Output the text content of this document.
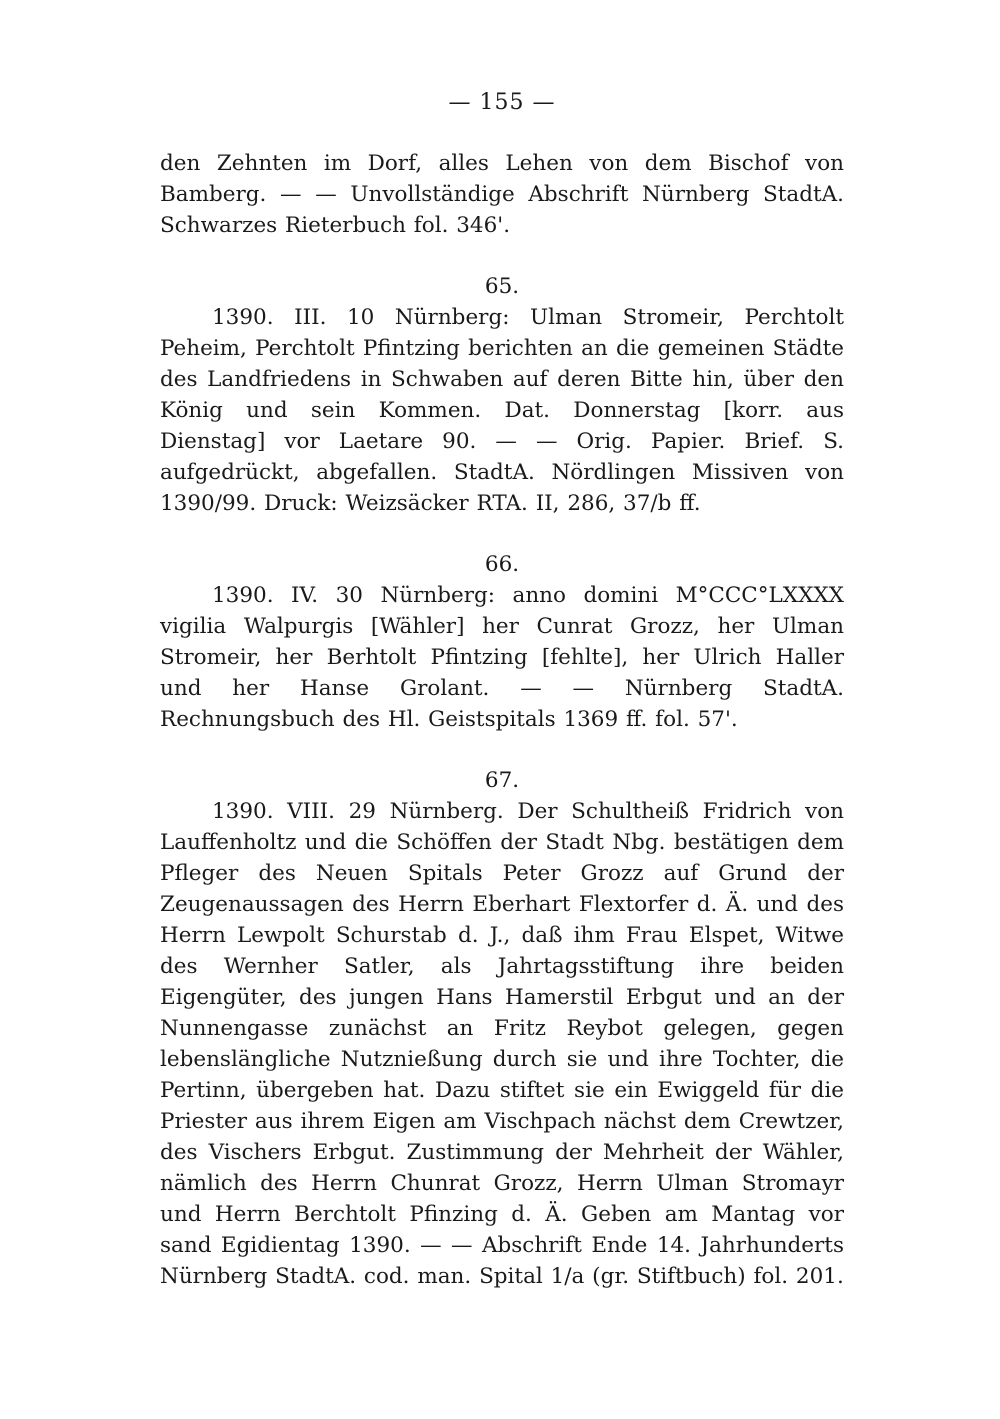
— 155 —

den Zehnten im Dorf, alles Lehen von dem Bischof von Bamberg. — — Unvollständige Abschrift Nürnberg StadtA. Schwarzes Rieterbuch fol. 346'.

65.

1390. III. 10 Nürnberg: Ulman Stromeir, Perchtolt Peheim, Perchtolt Pfintzing berichten an die gemeinen Städte des Landfriedens in Schwaben auf deren Bitte hin, über den König und sein Kommen. Dat. Donnerstag [korr. aus Dienstag] vor Laetare 90. — — Orig. Papier. Brief. S. aufgedrückt, abgefallen. StadtA. Nördlingen Missiven von 1390/99. Druck: Weizsäcker RTA. II, 286, 37/b ff.

66.

1390. IV. 30 Nürnberg: anno domini M°CCC°LXXXX vigilia Walpurgis [Wähler] her Cunrat Grozz, her Ulman Stromeir, her Berhtolt Pfintzing [fehlte], her Ulrich Haller und her Hanse Grolant. — — Nürnberg StadtA. Rechnungsbuch des Hl. Geistspitals 1369 ff. fol. 57'.

67.

1390. VIII. 29 Nürnberg. Der Schultheiß Fridrich von Lauffenholtz und die Schöffen der Stadt Nbg. bestätigen dem Pfleger des Neuen Spitals Peter Grozz auf Grund der Zeugenaussagen des Herrn Eberhart Flextorfer d. Ä. und des Herrn Lewpolt Schurstab d. J., daß ihm Frau Elspet, Witwe des Wernher Satler, als Jahrtagsstiftung ihre beiden Eigengüter, des jungen Hans Hamerstil Erbgut und an der Nunnengasse zunächst an Fritz Reybot gelegen, gegen lebenslängliche Nutznießung durch sie und ihre Tochter, die Pertinn, übergeben hat. Dazu stiftet sie ein Ewiggeld für die Priester aus ihrem Eigen am Vischpach nächst dem Crewtzer, des Vischers Erbgut. Zustimmung der Mehrheit der Wähler, nämlich des Herrn Chunrat Grozz, Herrn Ulman Stromayr und Herrn Berchtolt Pfinzing d. Ä. Geben am Mantag vor sand Egidientag 1390. — — Abschrift Ende 14. Jahrhunderts Nürnberg StadtA. cod. man. Spital 1/a (gr. Stiftbuch) fol. 201.
